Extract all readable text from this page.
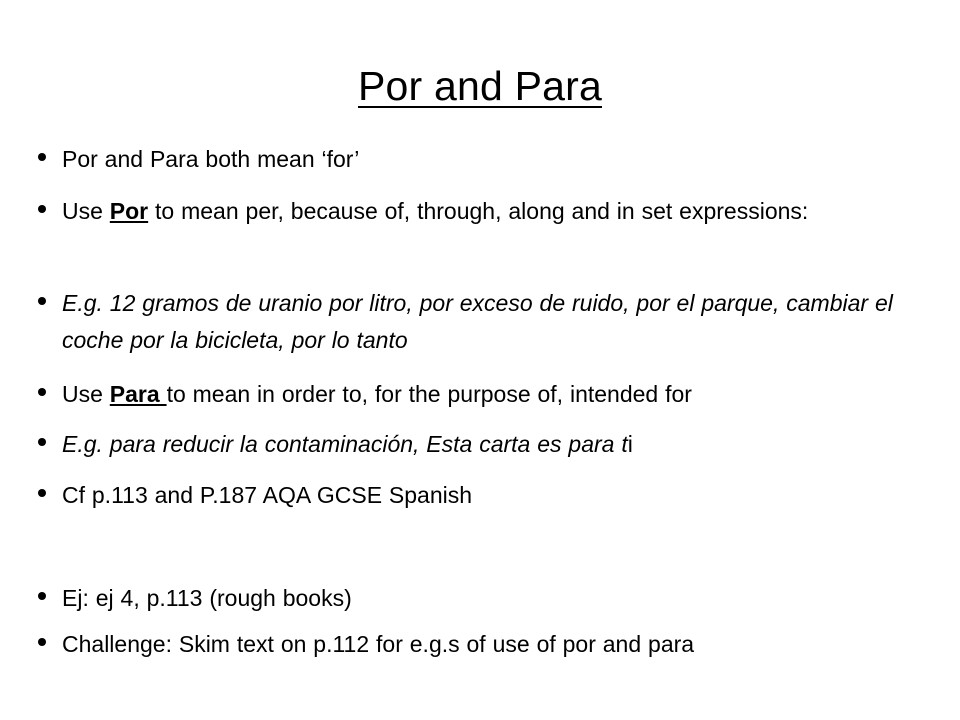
Por and Para
Por and Para both mean ‘for’
Use Por to mean per, because of, through, along and in set expressions:
E.g. 12 gramos de uranio por litro, por exceso de ruido, por el parque, cambiar el coche por la bicicleta, por lo tanto
Use Para to mean in order to, for the purpose of, intended for
E.g. para reducir la contaminación, Esta carta es para ti
Cf p.113 and P.187 AQA GCSE Spanish
Ej: ej 4, p.113 (rough books)
Challenge: Skim text on p.112 for e.g.s of use of por and para
